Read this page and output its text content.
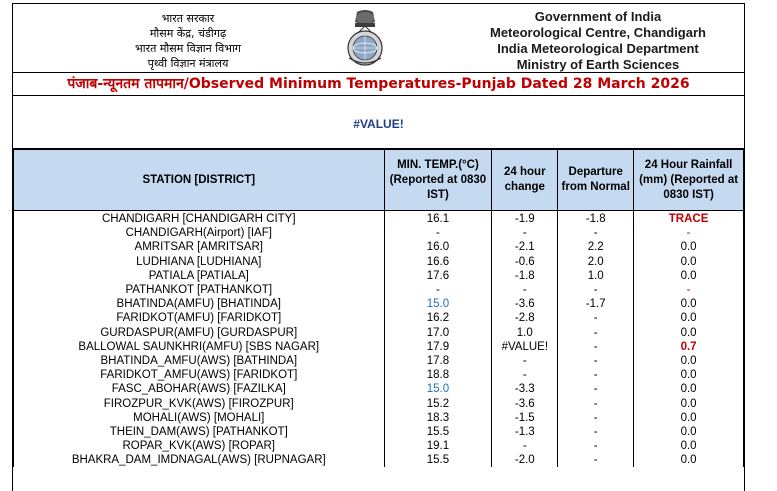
भारत सरकार
मौसम केंद्र, चंडीगढ़
भारत मौसम विज्ञान विभाग
पृथ्वी विज्ञान मंत्रालय
Government of India
Meteorological Centre, Chandigarh
India Meteorological Department
Ministry of Earth Sciences
पंजाब-न्यूनतम तापमान/Observed Minimum Temperatures-Punjab Dated 28 March 2026
#VALUE!
STATION [DISTRICT]	MIN. TEMP.(°C) (Reported at 0830 IST)	24 hour change	Departure from Normal	24 Hour Rainfall (mm) (Reported at 0830 IST)
CHANDIGARH [CHANDIGARH CITY]	16.1	-1.9	-1.8	TRACE
CHANDIGARH(Airport) [IAF]	-	-	-	-
AMRITSAR [AMRITSAR]	16.0	-2.1	2.2	0.0
LUDHIANA [LUDHIANA]	16.6	-0.6	2.0	0.0
PATIALA [PATIALA]	17.6	-1.8	1.0	0.0
PATHANKOT [PATHANKOT]	-	-	-	-
BHATINDA(AMFU) [BHATINDA]	15.0	-3.6	-1.7	0.0
FARIDKOT(AMFU) [FARIDKOT]	16.2	-2.8	-	0.0
GURDASPUR(AMFU) [GURDASPUR]	17.0	1.0	-	0.0
BALLOWAL SAUNKHRI(AMFU) [SBS NAGAR]	17.9	#VALUE!	-	0.7
BHATINDA_AMFU(AWS) [BATHINDA]	17.8	-	-	0.0
FARIDKOT_AMFU(AWS) [FARIDKOT]	18.8	-	-	0.0
FASC_ABOHAR(AWS) [FAZILKA]	15.0	-3.3	-	0.0
FIROZPUR_KVK(AWS) [FIROZPUR]	15.2	-3.6	-	0.0
MOHALI(AWS) [MOHALI]	18.3	-1.5	-	0.0
THEIN_DAM(AWS) [PATHANKOT]	15.5	-1.3	-	0.0
ROPAR_KVK(AWS) [ROPAR]	19.1	-	-	0.0
BHAKRA_DAM_IMDNAGAL(AWS) [RUPNAGAR]	15.5	-2.0	-	0.0
